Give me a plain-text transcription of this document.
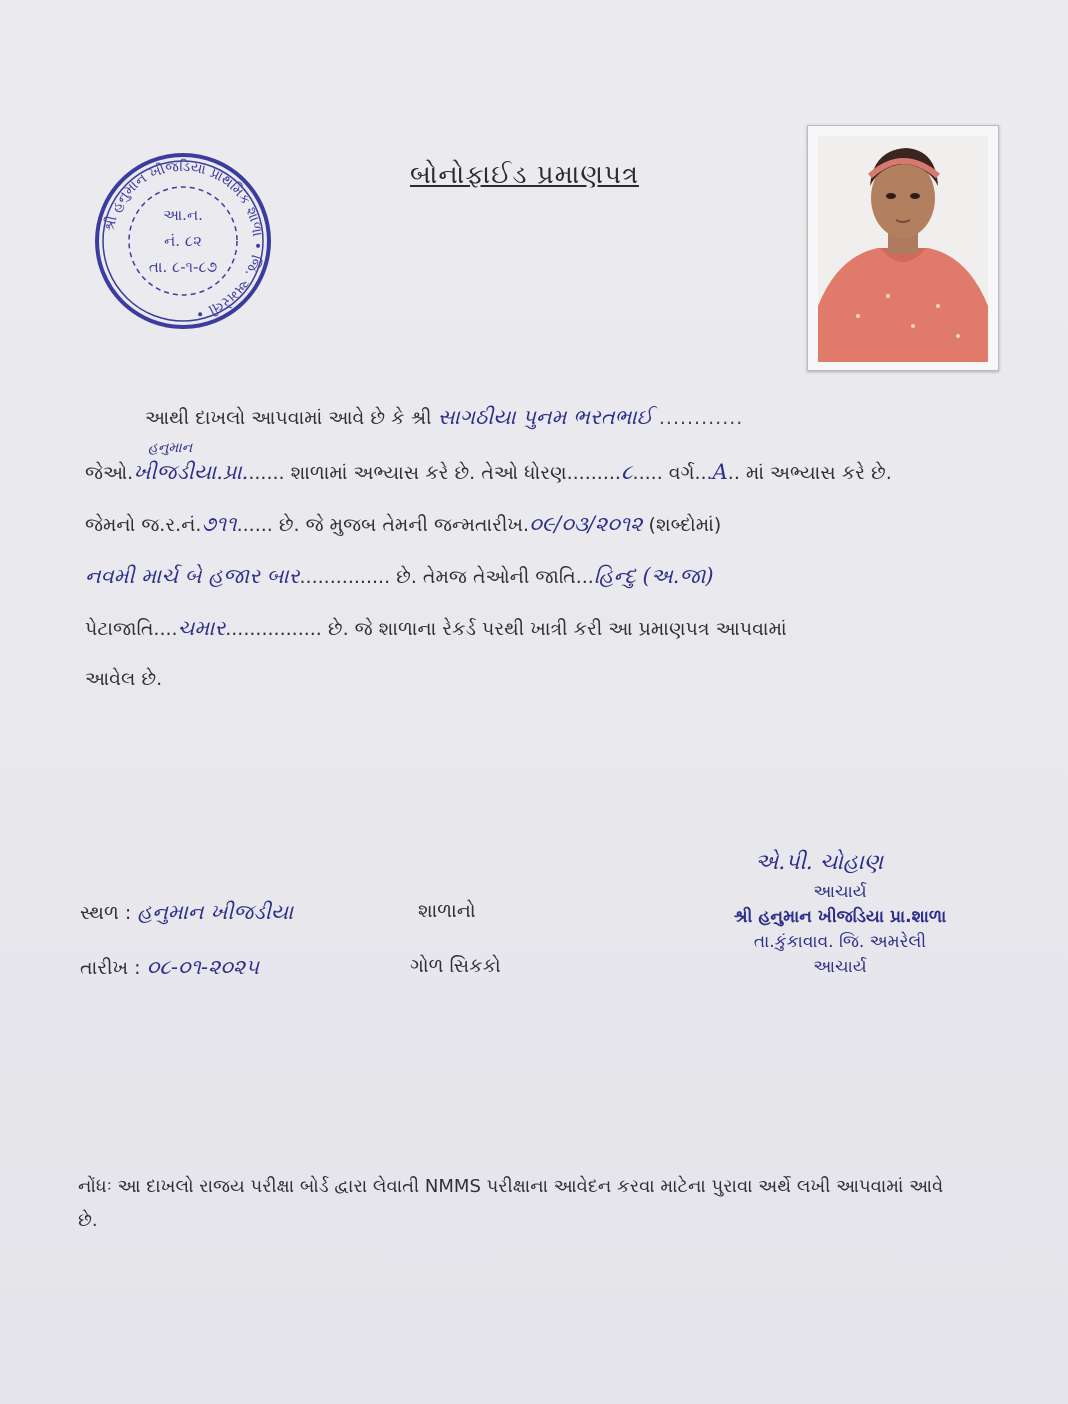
શ્રી હનુમાન ખીજડિયા પ્રાથમિક શાળા • જિ. અમરેલી •
આ.ન.
નં. ૮૨
તા. ૮-૧-૮૭
બોનોફાઈડ પ્રમાણપત્ર
આથી દાખલો આપવામાં આવે છે કે શ્રી સાગઠીયા પુનમ ભરતભાઈ ............
હનુમાન
જેઓ.ખીજડીયા.પ્રા....... શાળામાં અભ્યાસ કરે છે. તેઓ ધોરણ.........૮..... વર્ગ...A.. માં અભ્યાસ કરે છે.
જેમનો જ.ર.નં.૭૧૧...... છે. જે મુજબ તેમની જન્મતારીખ.૦૯/૦૩/૨૦૧૨ (શબ્દોમાં)
નવમી માર્ચ બે હજાર બાર............... છે. તેમજ તેઓની જાતિ...હિન્દુ (અ.જા)
પેટાજાતિ....ચમાર................ છે. જે શાળાના રેકર્ડ પરથી ખાત્રી કરી આ પ્રમાણપત્ર આપવામાં
આવેલ છે.
સ્થળ : હનુમાન ખીજડીયા
તારીખ : ૦૮-૦૧-૨૦૨૫
શાળાનો
ગોળ સિકકો
એ.પી. ચોહાણ
આચાર્ય
શ્રી હનુમાન ખીજડિયા પ્રા.શાળા
તા.કુંકાવાવ. જિ. અમરેલી
આચાર્ય
નોંધઃ આ દાખલો રાજય પરીક્ષા બોર્ડ દ્વારા લેવાતી NMMS પરીક્ષાના આવેદન કરવા માટેના પુરાવા અર્થે લખી આપવામાં આવે છે.
